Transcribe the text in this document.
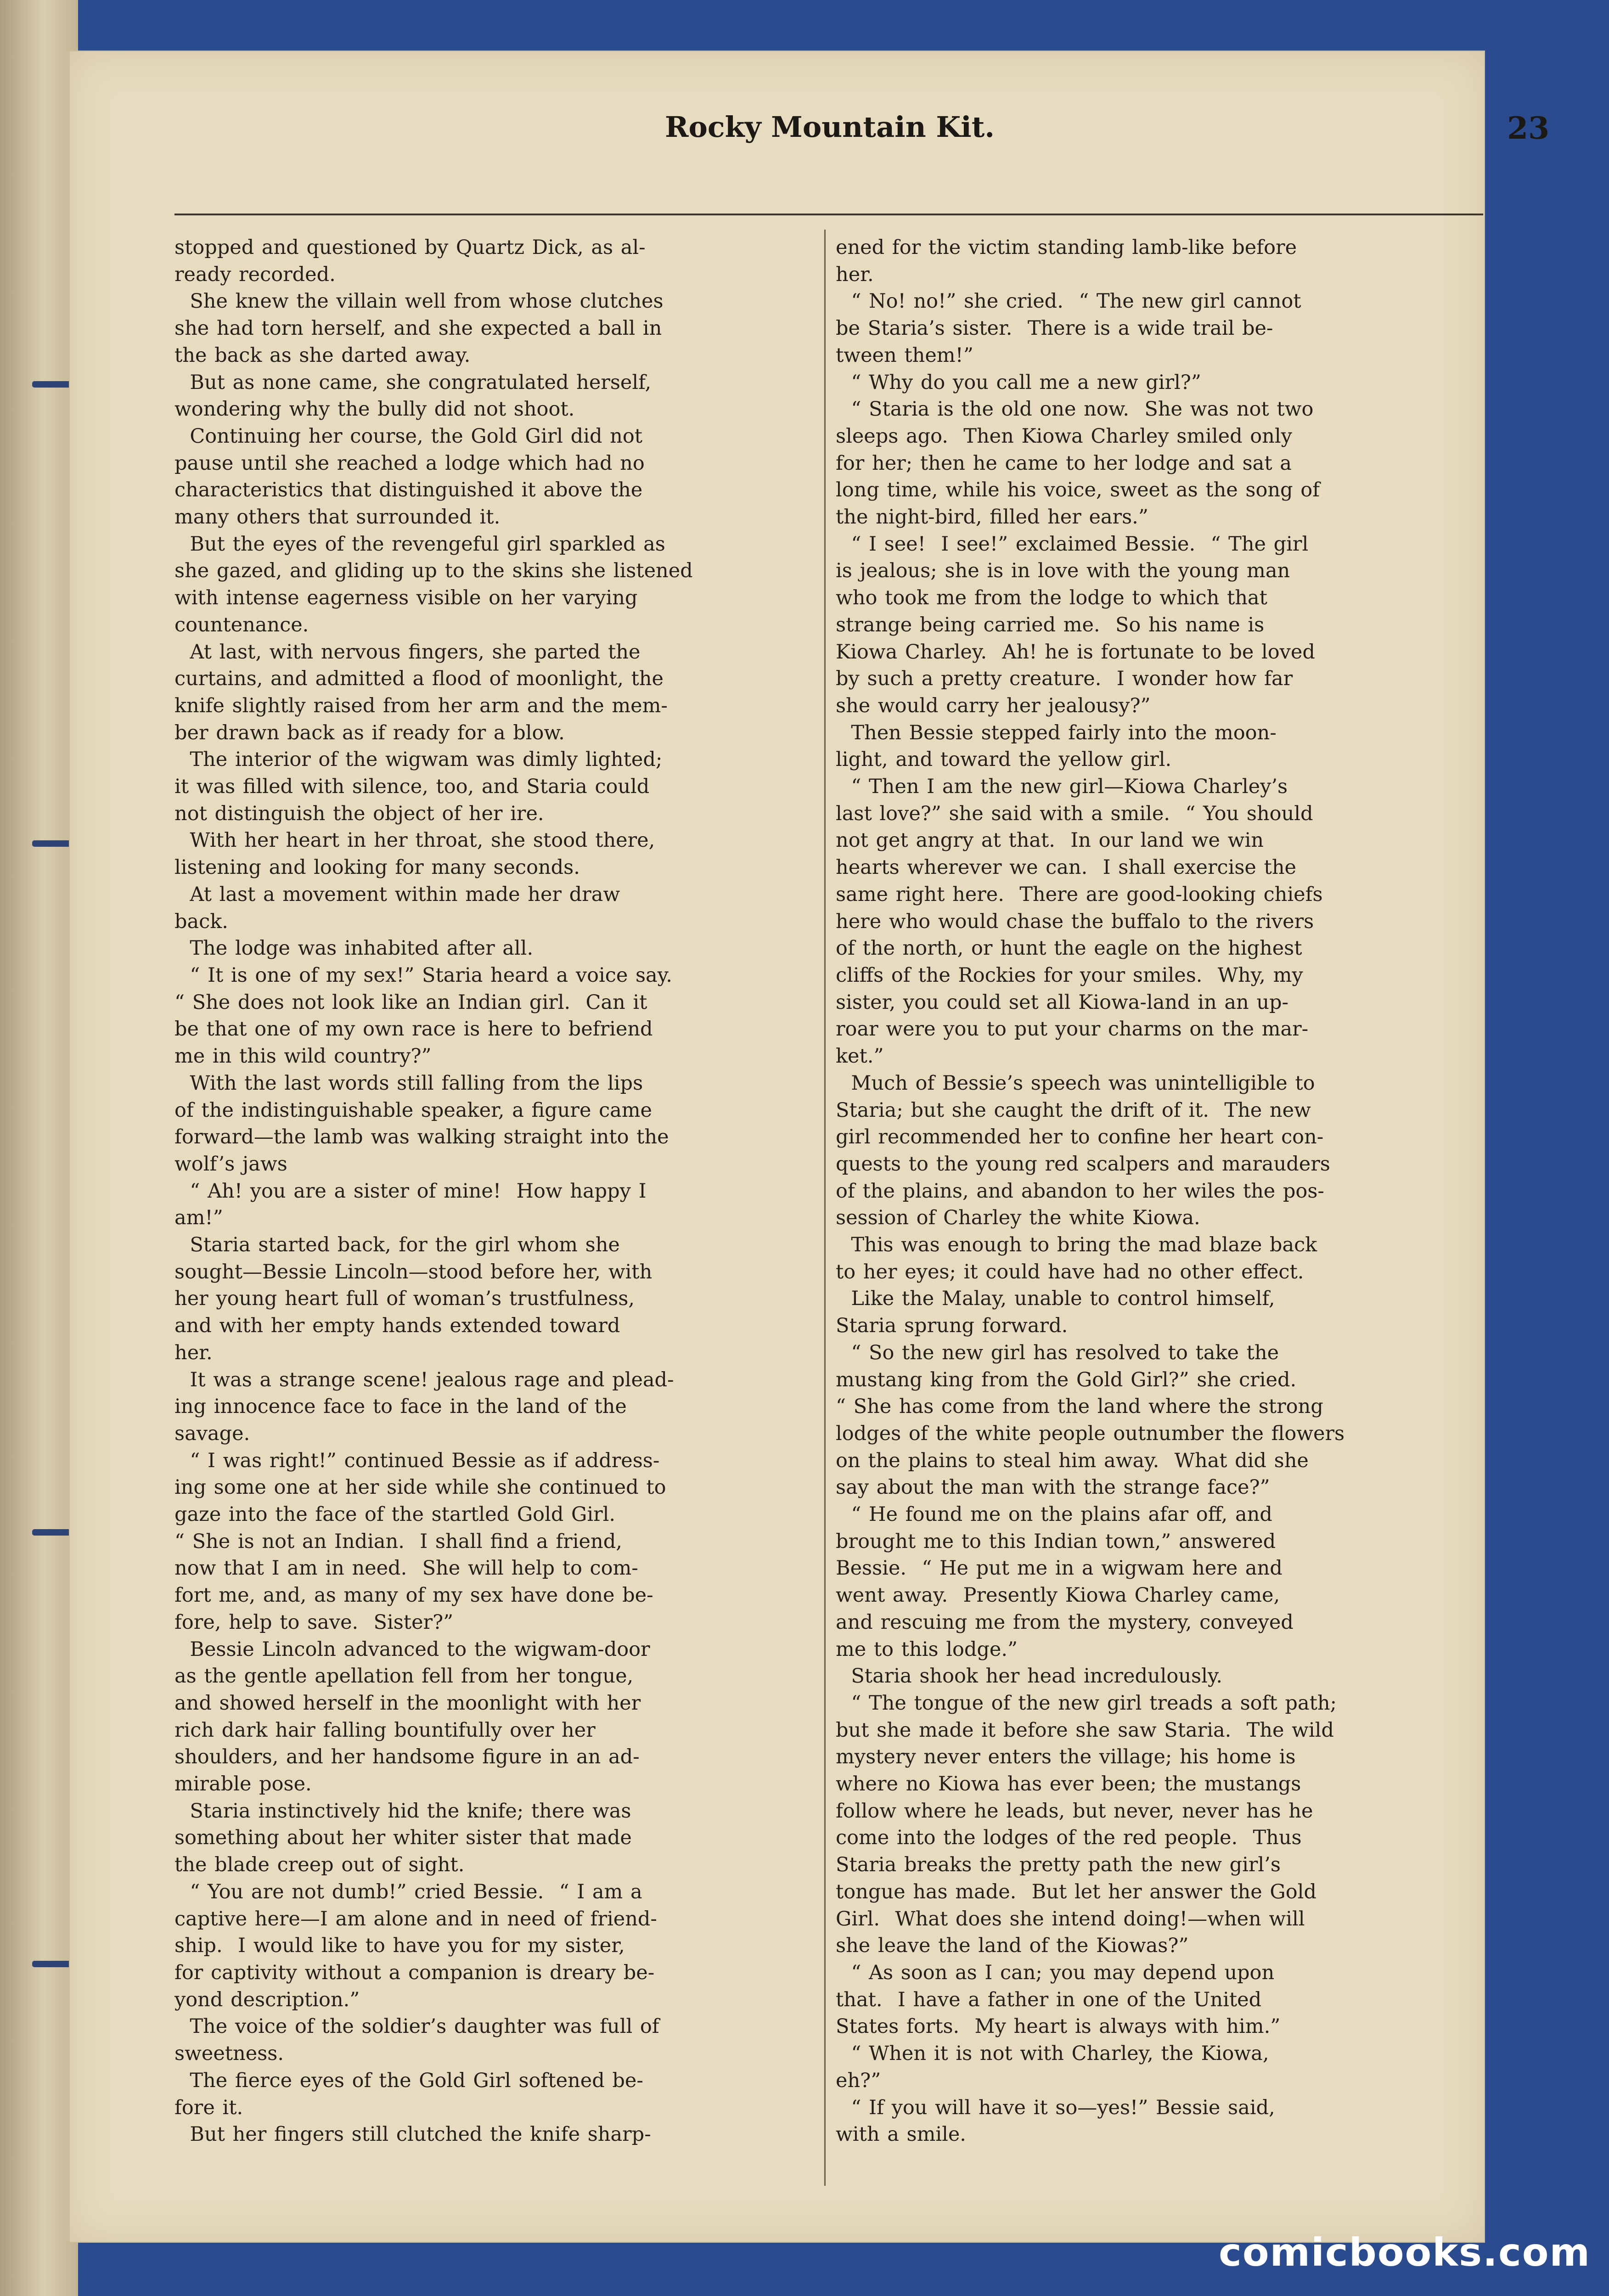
Rocky Mountain Kit.	23
stopped and questioned by Quartz Dick, as al-
ready recorded.
She knew the villain well from whose clutches
she had torn herself, and she expected a ball in
the back as she darted away.
But as none came, she congratulated herself,
wondering why the bully did not shoot.
Continuing her course, the Gold Girl did not
pause until she reached a lodge which had no
characteristics that distinguished it above the
many others that surrounded it.
But the eyes of the revengeful girl sparkled as
she gazed, and gliding up to the skins she listened
with intense eagerness visible on her varying
countenance.
At last, with nervous fingers, she parted the
curtains, and admitted a flood of moonlight, the
knife slightly raised from her arm and the mem-
ber drawn back as if ready for a blow.
The interior of the wigwam was dimly lighted;
it was filled with silence, too, and Staria could
not distinguish the object of her ire.
With her heart in her throat, she stood there,
listening and looking for many seconds.
At last a movement within made her draw
back.
The lodge was inhabited after all.
“ It is one of my sex!” Staria heard a voice say.
“ She does not look like an Indian girl.  Can it
be that one of my own race is here to befriend
me in this wild country?”
With the last words still falling from the lips
of the indistinguishable speaker, a figure came
forward—the lamb was walking straight into the
wolf’s jaws
“ Ah! you are a sister of mine!  How happy I
am!”
Staria started back, for the girl whom she
sought—Bessie Lincoln—stood before her, with
her young heart full of woman’s trustfulness,
and with her empty hands extended toward
her.
It was a strange scene! jealous rage and plead-
ing innocence face to face in the land of the
savage.
“ I was right!” continued Bessie as if address-
ing some one at her side while she continued to
gaze into the face of the startled Gold Girl.
“ She is not an Indian.  I shall find a friend,
now that I am in need.  She will help to com-
fort me, and, as many of my sex have done be-
fore, help to save.  Sister?”
Bessie Lincoln advanced to the wigwam-door
as the gentle apellation fell from her tongue,
and showed herself in the moonlight with her
rich dark hair falling bountifully over her
shoulders, and her handsome figure in an ad-
mirable pose.
Staria instinctively hid the knife; there was
something about her whiter sister that made
the blade creep out of sight.
“ You are not dumb!” cried Bessie.  “ I am a
captive here—I am alone and in need of friend-
ship.  I would like to have you for my sister,
for captivity without a companion is dreary be-
yond description.”
The voice of the soldier’s daughter was full of
sweetness.
The fierce eyes of the Gold Girl softened be-
fore it.
But her fingers still clutched the knife sharp-
ened for the victim standing lamb-like before
her.
“ No! no!” she cried.  “ The new girl cannot
be Staria’s sister.  There is a wide trail be-
tween them!”
“ Why do you call me a new girl?”
“ Staria is the old one now.  She was not two
sleeps ago.  Then Kiowa Charley smiled only
for her; then he came to her lodge and sat a
long time, while his voice, sweet as the song of
the night-bird, filled her ears.”
“ I see!  I see!” exclaimed Bessie.  “ The girl
is jealous; she is in love with the young man
who took me from the lodge to which that
strange being carried me.  So his name is
Kiowa Charley.  Ah! he is fortunate to be loved
by such a pretty creature.  I wonder how far
she would carry her jealousy?”
Then Bessie stepped fairly into the moon-
light, and toward the yellow girl.
“ Then I am the new girl—Kiowa Charley’s
last love?” she said with a smile.  “ You should
not get angry at that.  In our land we win
hearts wherever we can.  I shall exercise the
same right here.  There are good-looking chiefs
here who would chase the buffalo to the rivers
of the north, or hunt the eagle on the highest
cliffs of the Rockies for your smiles.  Why, my
sister, you could set all Kiowa-land in an up-
roar were you to put your charms on the mar-
ket.”
Much of Bessie’s speech was unintelligible to
Staria; but she caught the drift of it.  The new
girl recommended her to confine her heart con-
quests to the young red scalpers and marauders
of the plains, and abandon to her wiles the pos-
session of Charley the white Kiowa.
This was enough to bring the mad blaze back
to her eyes; it could have had no other effect.
Like the Malay, unable to control himself,
Staria sprung forward.
“ So the new girl has resolved to take the
mustang king from the Gold Girl?” she cried.
“ She has come from the land where the strong
lodges of the white people outnumber the flowers
on the plains to steal him away.  What did she
say about the man with the strange face?”
“ He found me on the plains afar off, and
brought me to this Indian town,” answered
Bessie.  “ He put me in a wigwam here and
went away.  Presently Kiowa Charley came,
and rescuing me from the mystery, conveyed
me to this lodge.”
Staria shook her head incredulously.
“ The tongue of the new girl treads a soft path;
but she made it before she saw Staria.  The wild
mystery never enters the village; his home is
where no Kiowa has ever been; the mustangs
follow where he leads, but never, never has he
come into the lodges of the red people.  Thus
Staria breaks the pretty path the new girl’s
tongue has made.  But let her answer the Gold
Girl.  What does she intend doing!—when will
she leave the land of the Kiowas?”
“ As soon as I can; you may depend upon
that.  I have a father in one of the United
States forts.  My heart is always with him.”
“ When it is not with Charley, the Kiowa,
eh?”
“ If you will have it so—yes!” Bessie said,
with a smile.
comicbooks.com
